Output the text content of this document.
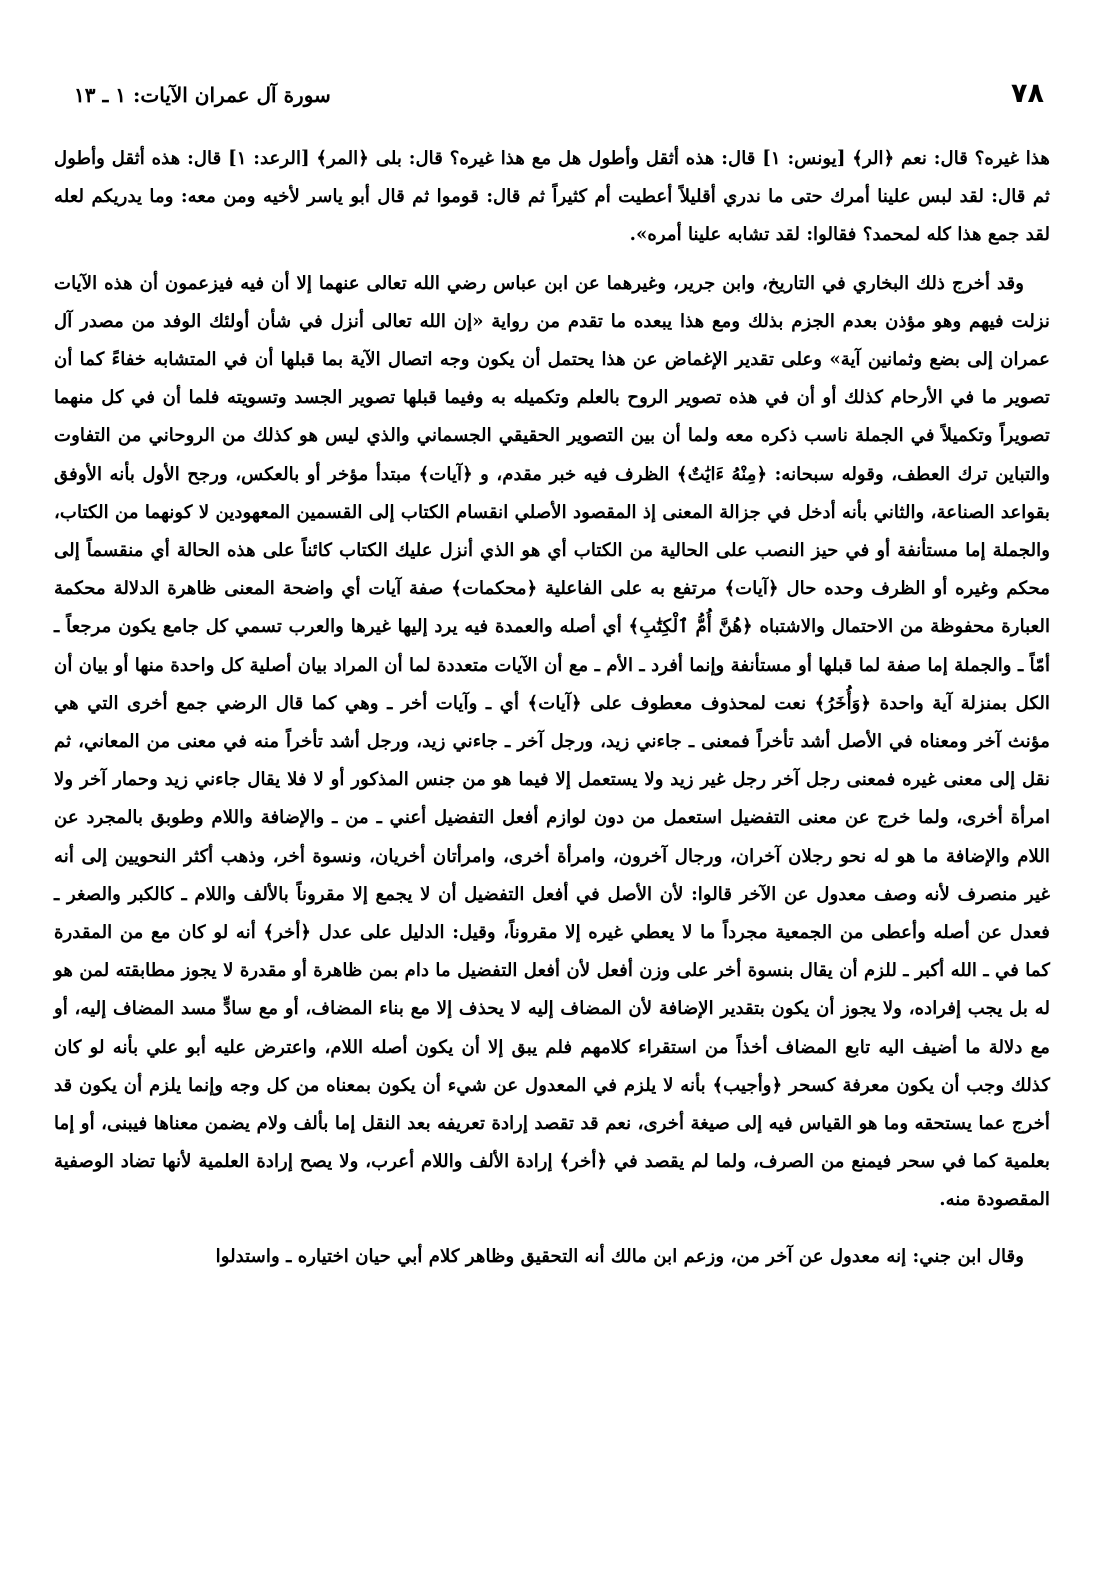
٧٨
سورة آل عمران الآيات: ١ ـ ١٣

هذا غيره؟ قال: نعم ﴿الر﴾ [يونس: ١] قال: هذه أثقل وأطول هل مع هذا غيره؟ قال: بلى ﴿المر﴾ [الرعد: ١] قال: هذه أثقل وأطول ثم قال: لقد لبس علينا أمرك حتى ما ندري أقليلاً أعطيت أم كثيراً ثم قال: قوموا ثم قال أبو ياسر لأخيه ومن معه: وما يدريكم لعله لقد جمع هذا كله لمحمد؟ فقالوا: لقد تشابه علينا أمره».

وقد أخرج ذلك البخاري في التاريخ، وابن جرير، وغيرهما عن ابن عباس رضي الله تعالى عنهما إلا أن فيه فيزعمون أن هذه الآيات نزلت فيهم وهو مؤذن بعدم الجزم بذلك ومع هذا يبعده ما تقدم من رواية «إن الله تعالى أنزل في شأن أولئك الوفد من مصدر آل عمران إلى بضع وثمانين آية» وعلى تقدير الإغماض عن هذا يحتمل أن يكون وجه اتصال الآية بما قبلها أن في المتشابه خفاءً كما أن تصوير ما في الأرحام كذلك أو أن في هذه تصوير الروح بالعلم وتكميله به وفيما قبلها تصوير الجسد وتسويته فلما أن في كل منهما تصويراً وتكميلاً في الجملة ناسب ذكره معه ولما أن بين التصوير الحقيقي الجسماني والذي ليس هو كذلك من الروحاني من التفاوت والتباين ترك العطف، وقوله سبحانه: ﴿مِنْهُ ءَايَٰتٌ﴾ الظرف فيه خبر مقدم، و ﴿آيات﴾ مبتدأ مؤخر أو بالعكس، ورجح الأول بأنه الأوفق بقواعد الصناعة، والثاني بأنه أدخل في جزالة المعنى إذ المقصود الأصلي انقسام الكتاب إلى القسمين المعهودين لا كونهما من الكتاب، والجملة إما مستأنفة أو في حيز النصب على الحالية من الكتاب أي هو الذي أنزل عليك الكتاب كائناً على هذه الحالة أي منقسماً إلى محكم وغيره أو الظرف وحده حال ﴿آيات﴾ مرتفع به على الفاعلية ﴿محكمات﴾ صفة آيات أي واضحة المعنى ظاهرة الدلالة محكمة العبارة محفوظة من الاحتمال والاشتباه ﴿هُنَّ أُمُّ ٱلْكِتَٰبِ﴾ أي أصله والعمدة فيه يرد إليها غيرها والعرب تسمي كل جامع يكون مرجعاً ـ أمّاً ـ والجملة إما صفة لما قبلها أو مستأنفة وإنما أفرد ـ الأم ـ مع أن الآيات متعددة لما أن المراد بيان أصلية كل واحدة منها أو بيان أن الكل بمنزلة آية واحدة ﴿وَأُخَرُ﴾ نعت لمحذوف معطوف على ﴿آيات﴾ أي ـ وآيات أخر ـ وهي كما قال الرضي جمع أخرى التي هي مؤنث آخر ومعناه في الأصل أشد تأخراً فمعنى ـ جاءني زيد، ورجل آخر ـ جاءني زيد، ورجل أشد تأخراً منه في معنى من المعاني، ثم نقل إلى معنى غيره فمعنى رجل آخر رجل غير زيد ولا يستعمل إلا فيما هو من جنس المذكور أو لا فلا يقال جاءني زيد وحمار آخر ولا امرأة أخرى، ولما خرج عن معنى التفضيل استعمل من دون لوازم أفعل التفضيل أعني ـ من ـ والإضافة واللام وطوبق بالمجرد عن اللام والإضافة ما هو له نحو رجلان آخران، ورجال آخرون، وامرأة أخرى، وامرأتان أخريان، ونسوة أخر، وذهب أكثر النحويين إلى أنه غير منصرف لأنه وصف معدول عن الآخر قالوا: لأن الأصل في أفعل التفضيل أن لا يجمع إلا مقروناً بالألف واللام ـ كالكبر والصغر ـ فعدل عن أصله وأعطى من الجمعية مجرداً ما لا يعطي غيره إلا مقروناً، وقيل: الدليل على عدل ﴿أخر﴾ أنه لو كان مع من المقدرة كما في ـ الله أكبر ـ للزم أن يقال بنسوة أخر على وزن أفعل لأن أفعل التفضيل ما دام بمن ظاهرة أو مقدرة لا يجوز مطابقته لمن هو له بل يجب إفراده، ولا يجوز أن يكون بتقدير الإضافة لأن المضاف إليه لا يحذف إلا مع بناء المضاف، أو مع سادٍّ مسد المضاف إليه، أو مع دلالة ما أضيف اليه تابع المضاف أخذاً من استقراء كلامهم فلم يبق إلا أن يكون أصله اللام، واعترض عليه أبو علي بأنه لو كان كذلك وجب أن يكون معرفة كسحر ﴿وأجيب﴾ بأنه لا يلزم في المعدول عن شيء أن يكون بمعناه من كل وجه وإنما يلزم أن يكون قد أخرج عما يستحقه وما هو القياس فيه إلى صيغة أخرى، نعم قد تقصد إرادة تعريفه بعد النقل إما بألف ولام يضمن معناها فيبنى، أو إما بعلمية كما في سحر فيمنع من الصرف، ولما لم يقصد في ﴿أخر﴾ إرادة الألف واللام أعرب، ولا يصح إرادة العلمية لأنها تضاد الوصفية المقصودة منه.

وقال ابن جني: إنه معدول عن آخر من، وزعم ابن مالك أنه التحقيق وظاهر كلام أبي حيان اختياره ـ واستدلوا
